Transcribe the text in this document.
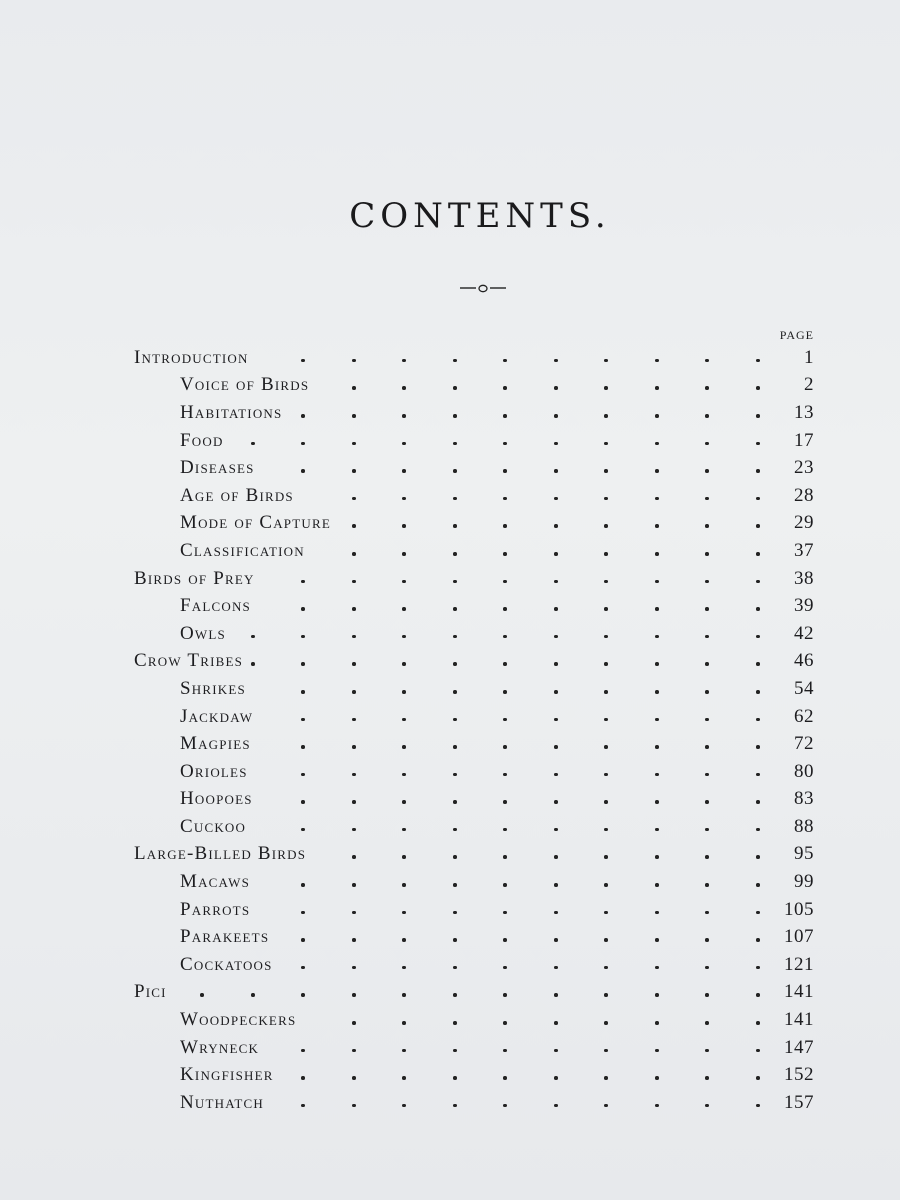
CONTENTS.
PAGE
Introduction	1
Voice of Birds	2
Habitations	13
Food	17
Diseases	23
Age of Birds	28
Mode of Capture	29
Classification	37
Birds of Prey	38
Falcons	39
Owls	42
Crow Tribes	46
Shrikes	54
Jackdaw	62
Magpies	72
Orioles	80
Hoopoes	83
Cuckoo	88
Large-Billed Birds	95
Macaws	99
Parrots	105
Parakeets	107
Cockatoos	121
Pici	141
Woodpeckers	141
Wryneck	147
Kingfisher	152
Nuthatch	157
